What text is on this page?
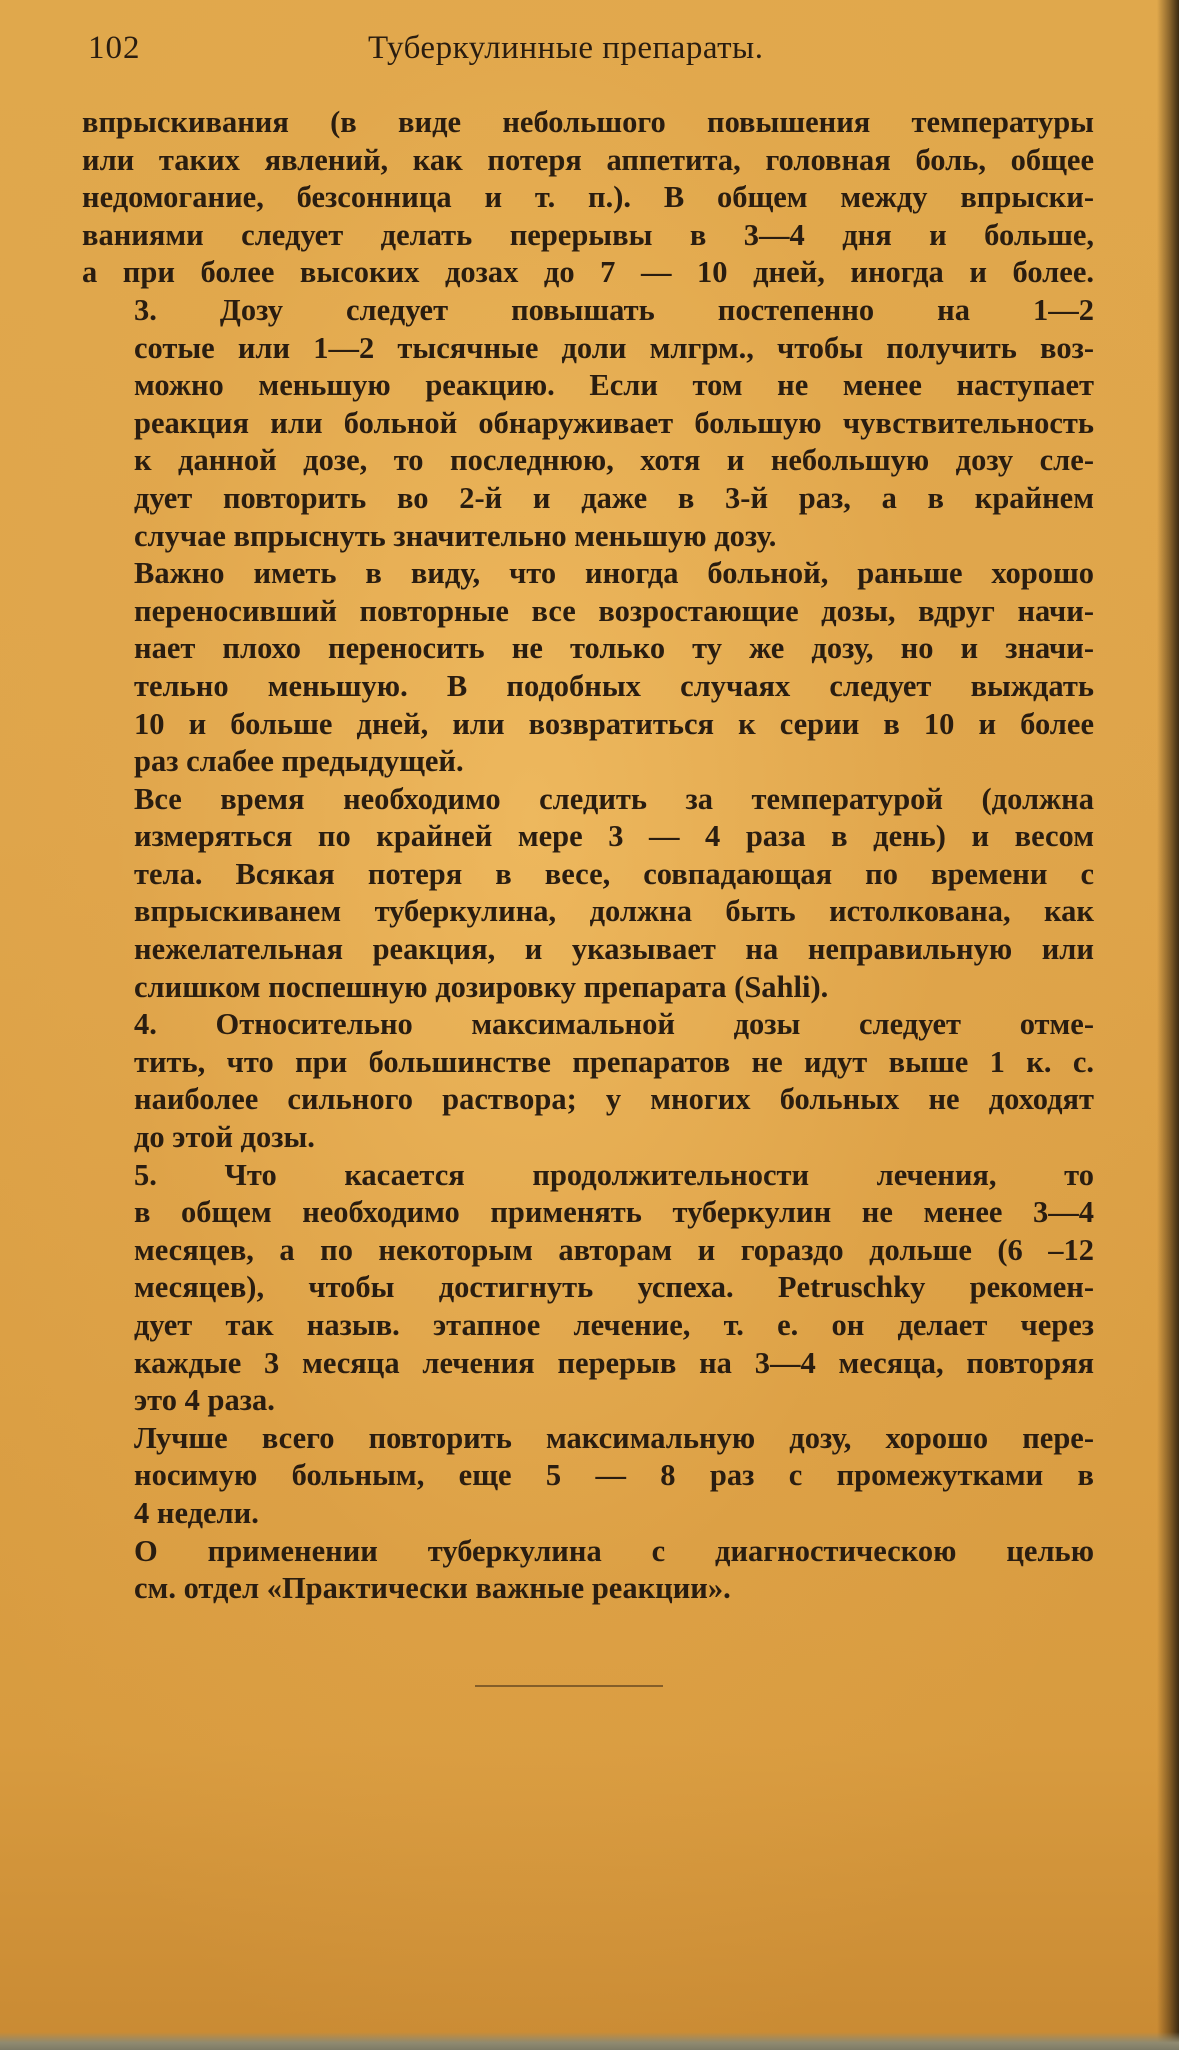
102	Туберкулинные препараты.

впрыскивания (в виде небольшого повышения температуры
или таких явлений, как потеря аппетита, головная боль, общее
недомогание, безсонница и т. п.). В общем между впрыски-
ваниями следует делать перерывы в 3—4 дня и больше,
а при более высоких дозах до 7 — 10 дней, иногда и более.

3. Дозу следует повышать постепенно на 1—2
сотые или 1—2 тысячные доли млгрм., чтобы получить воз-
можно меньшую реакцию. Если том не менее наступает
реакция или больной обнаруживает большую чувствительность
к данной дозе, то последнюю, хотя и небольшую дозу сле-
дует повторить во 2-й и даже в 3-й раз, а в крайнем
случае впрыснуть значительно меньшую дозу.

Важно иметь в виду, что иногда больной, раньше хорошо
переносивший повторные все возростающие дозы, вдруг начи-
нает плохо переносить не только ту же дозу, но и значи-
тельно меньшую. В подобных случаях следует выждать
10 и больше дней, или возвратиться к серии в 10 и более
раз слабее предыдущей.

Все время необходимо следить за температурой (должна
измеряться по крайней мере 3 — 4 раза в день) и весом
тела. Всякая потеря в весе, совпадающая по времени с
впрыскиванем туберкулина, должна быть истолкована, как
нежелательная реакция, и указывает на неправильную или
слишком поспешную дозировку препарата (Sahli).

4. Относительно максимальной дозы следует отме-
тить, что при большинстве препаратов не идут выше 1 к. с.
наиболее сильного раствора; у многих больных не доходят
до этой дозы.

5. Что касается продолжительности лечения, то
в общем необходимо применять туберкулин не менее 3—4
месяцев, а по некоторым авторам и гораздо дольше (6 –12
месяцев), чтобы достигнуть успеха. Petruschky рекомен-
дует так назыв. этапное лечение, т. е. он делает через
каждые 3 месяца лечения перерыв на 3—4 месяца, повторяя
это 4 раза.

Лучше всего повторить максимальную дозу, хорошо пере-
носимую больным, еще 5 — 8 раз с промежутками в
4 недели.

О применении туберкулина с диагностическою целью
см. отдел «Практически важные реакции».
